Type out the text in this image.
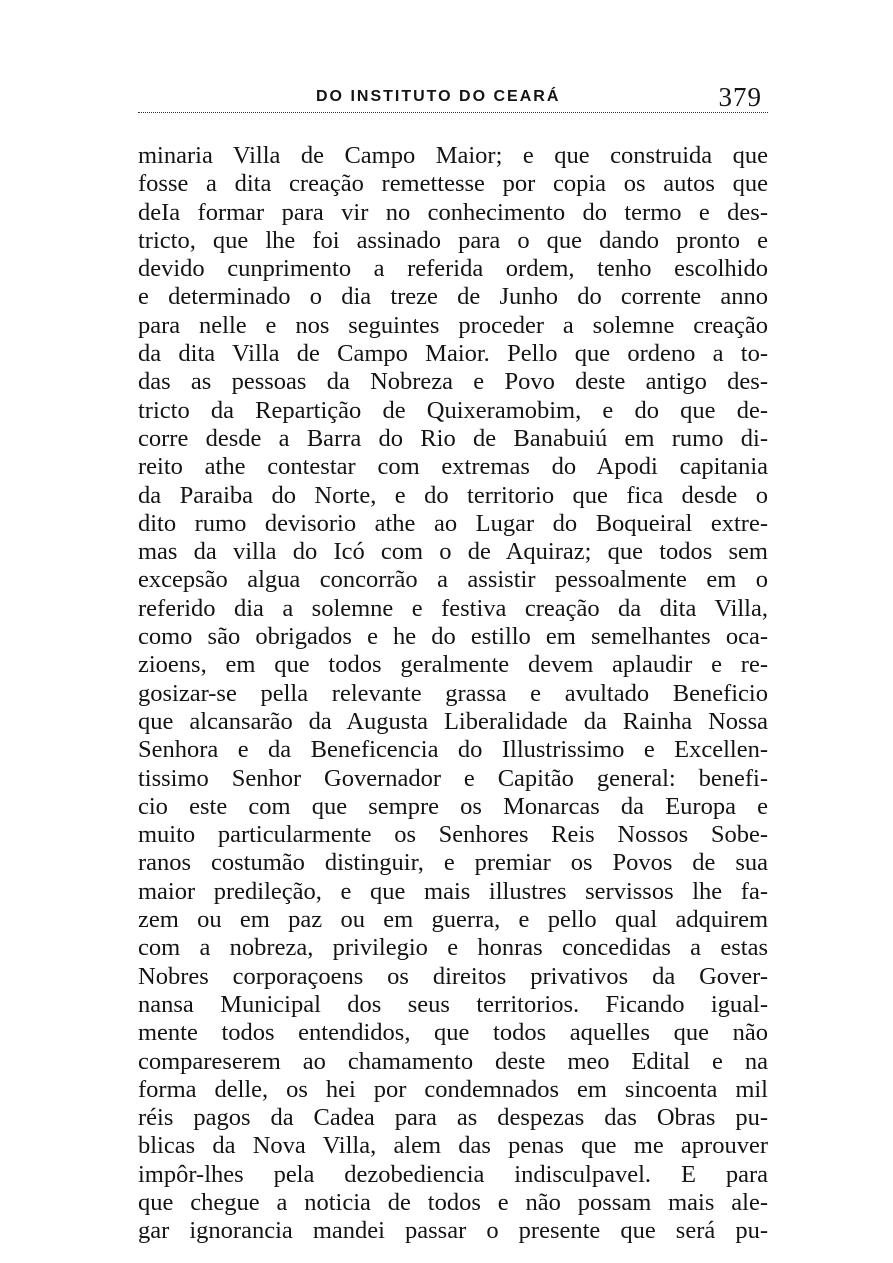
DO INSTITUTO DO CEARÁ	379
minaria Villa de Campo Maior; e que construida que
fosse a dita creação remettesse por copia os autos que
deIa formar para vir no conhecimento do termo e des-
tricto, que lhe foi assinado para o que dando pronto e
devido cunprimento a referida ordem, tenho escolhido
e determinado o dia treze de Junho do corrente anno
para nelle e nos seguintes proceder a solemne creação
da dita Villa de Campo Maior. Pello que ordeno a to-
das as pessoas da Nobreza e Povo deste antigo des-
tricto da Repartição de Quixeramobim, e do que de-
corre desde a Barra do Rio de Banabuiú em rumo di-
reito athe contestar com extremas do Apodi capitania
da Paraiba do Norte, e do territorio que fica desde o
dito rumo devisorio athe ao Lugar do Boqueiral extre-
mas da villa do Icó com o de Aquiraz; que todos sem
excepsão algua concorrão a assistir pessoalmente em o
referido dia a solemne e festiva creação da dita Villa,
como são obrigados e he do estillo em semelhantes oca-
zioens, em que todos geralmente devem aplaudir e re-
gosizar-se pella relevante grassa e avultado Beneficio
que alcansarão da Augusta Liberalidade da Rainha Nossa
Senhora e da Beneficencia do Illustrissimo e Excellen-
tissimo Senhor Governador e Capitão general: benefi-
cio este com que sempre os Monarcas da Europa e
muito particularmente os Senhores Reis Nossos Sobe-
ranos costumão distinguir, e premiar os Povos de sua
maior predileção, e que mais illustres servissos lhe fa-
zem ou em paz ou em guerra, e pello qual adquirem
com a nobreza, privilegio e honras concedidas a estas
Nobres corporaçoens os direitos privativos da Gover-
nansa Municipal dos seus territorios. Ficando igual-
mente todos entendidos, que todos aquelles que não
compareserem ao chamamento deste meo Edital e na
forma delle, os hei por condemnados em sincoenta mil
réis pagos da Cadea para as despezas das Obras pu-
blicas da Nova Villa, alem das penas que me aprouver
impôr-lhes pela dezobediencia indisculpavel. E para
que chegue a noticia de todos e não possam mais ale-
gar ignorancia mandei passar o presente que será pu-
